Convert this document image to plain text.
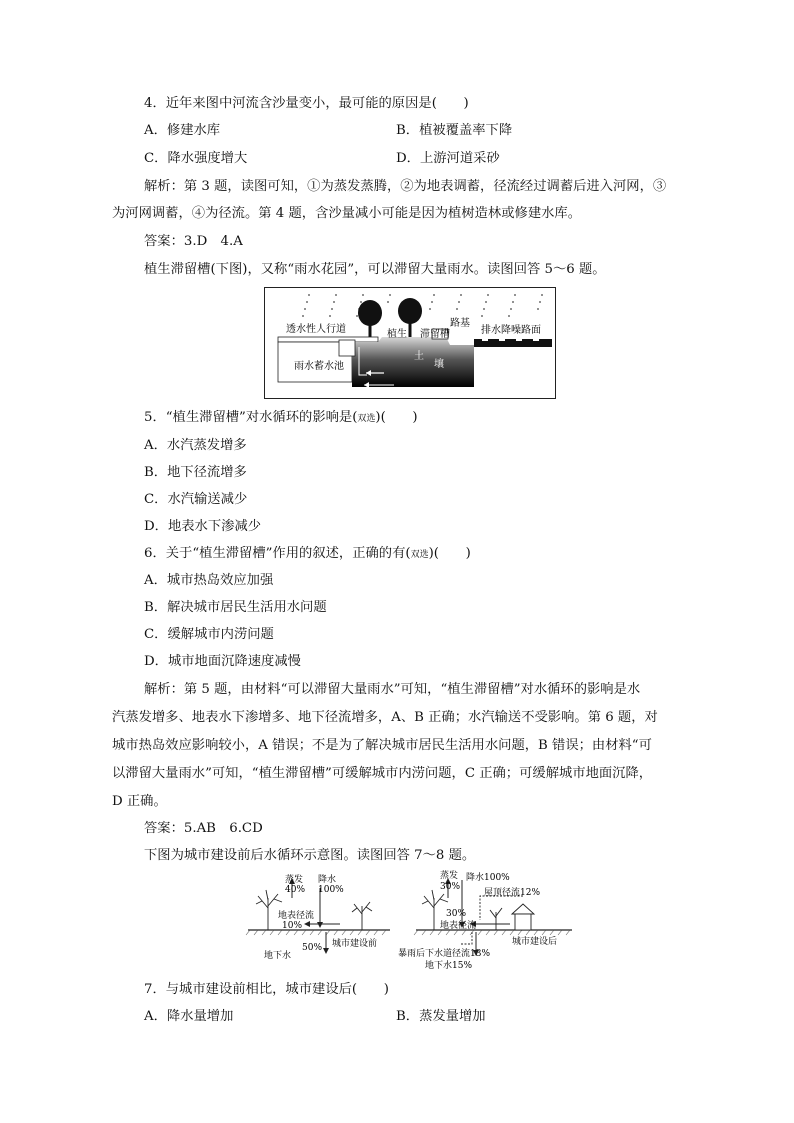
4．近年来图中河流含沙量变小，最可能的原因是(　　)
A．修建水库	B．植被覆盖率下降
C．降水强度增大	D．上游河道采砂
解析：第 3 题，读图可知，①为蒸发蒸腾，②为地表调蓄，径流经过调蓄后进入河网，③
为河网调蓄，④为径流。第 4 题，含沙量减小可能是因为植树造林或修建水库。
答案：3.D　4.A
植生滞留槽(下图)，又称“雨水花园”，可以滞留大量雨水。读图回答 5～6 题。
透水性人行道	植生 滞留槽
路基
排水降噪路面
雨水蓄水池
土
壤
5．“植生滞留槽”对水循环的影响是(双选)(　　)
A．水汽蒸发增多
B．地下径流增多
C．水汽输送减少
D．地表水下渗减少
6．关于“植生滞留槽”作用的叙述，正确的有(双选)(　　)
A．城市热岛效应加强
B．解决城市居民生活用水问题
C．缓解城市内涝问题
D．城市地面沉降速度减慢
解析：第 5 题，由材料“可以滞留大量雨水”可知，“植生滞留槽”对水循环的影响是水
汽蒸发增多、地表水下渗增多、地下径流增多，A、B 正确；水汽输送不受影响。第 6 题，对
城市热岛效应影响较小，A 错误；不是为了解决城市居民生活用水问题，B 错误；由材料“可
以滞留大量雨水”可知，“植生滞留槽”可缓解城市内涝问题，C 正确；可缓解城市地面沉降，
D 正确。
答案：5.AB　6.CD
下图为城市建设前后水循环示意图。读图回答 7～8 题。
蒸发
40%
降水
100%
地表径流
10%
地下水
50% 城市建设前
蒸发
30%
降水100%
屋顶径流12%
30%
地表径流
暴雨后下水道径流13%
地下水15%
城市建设后
7．与城市建设前相比，城市建设后(　　)
A．降水量增加	B．蒸发量增加
